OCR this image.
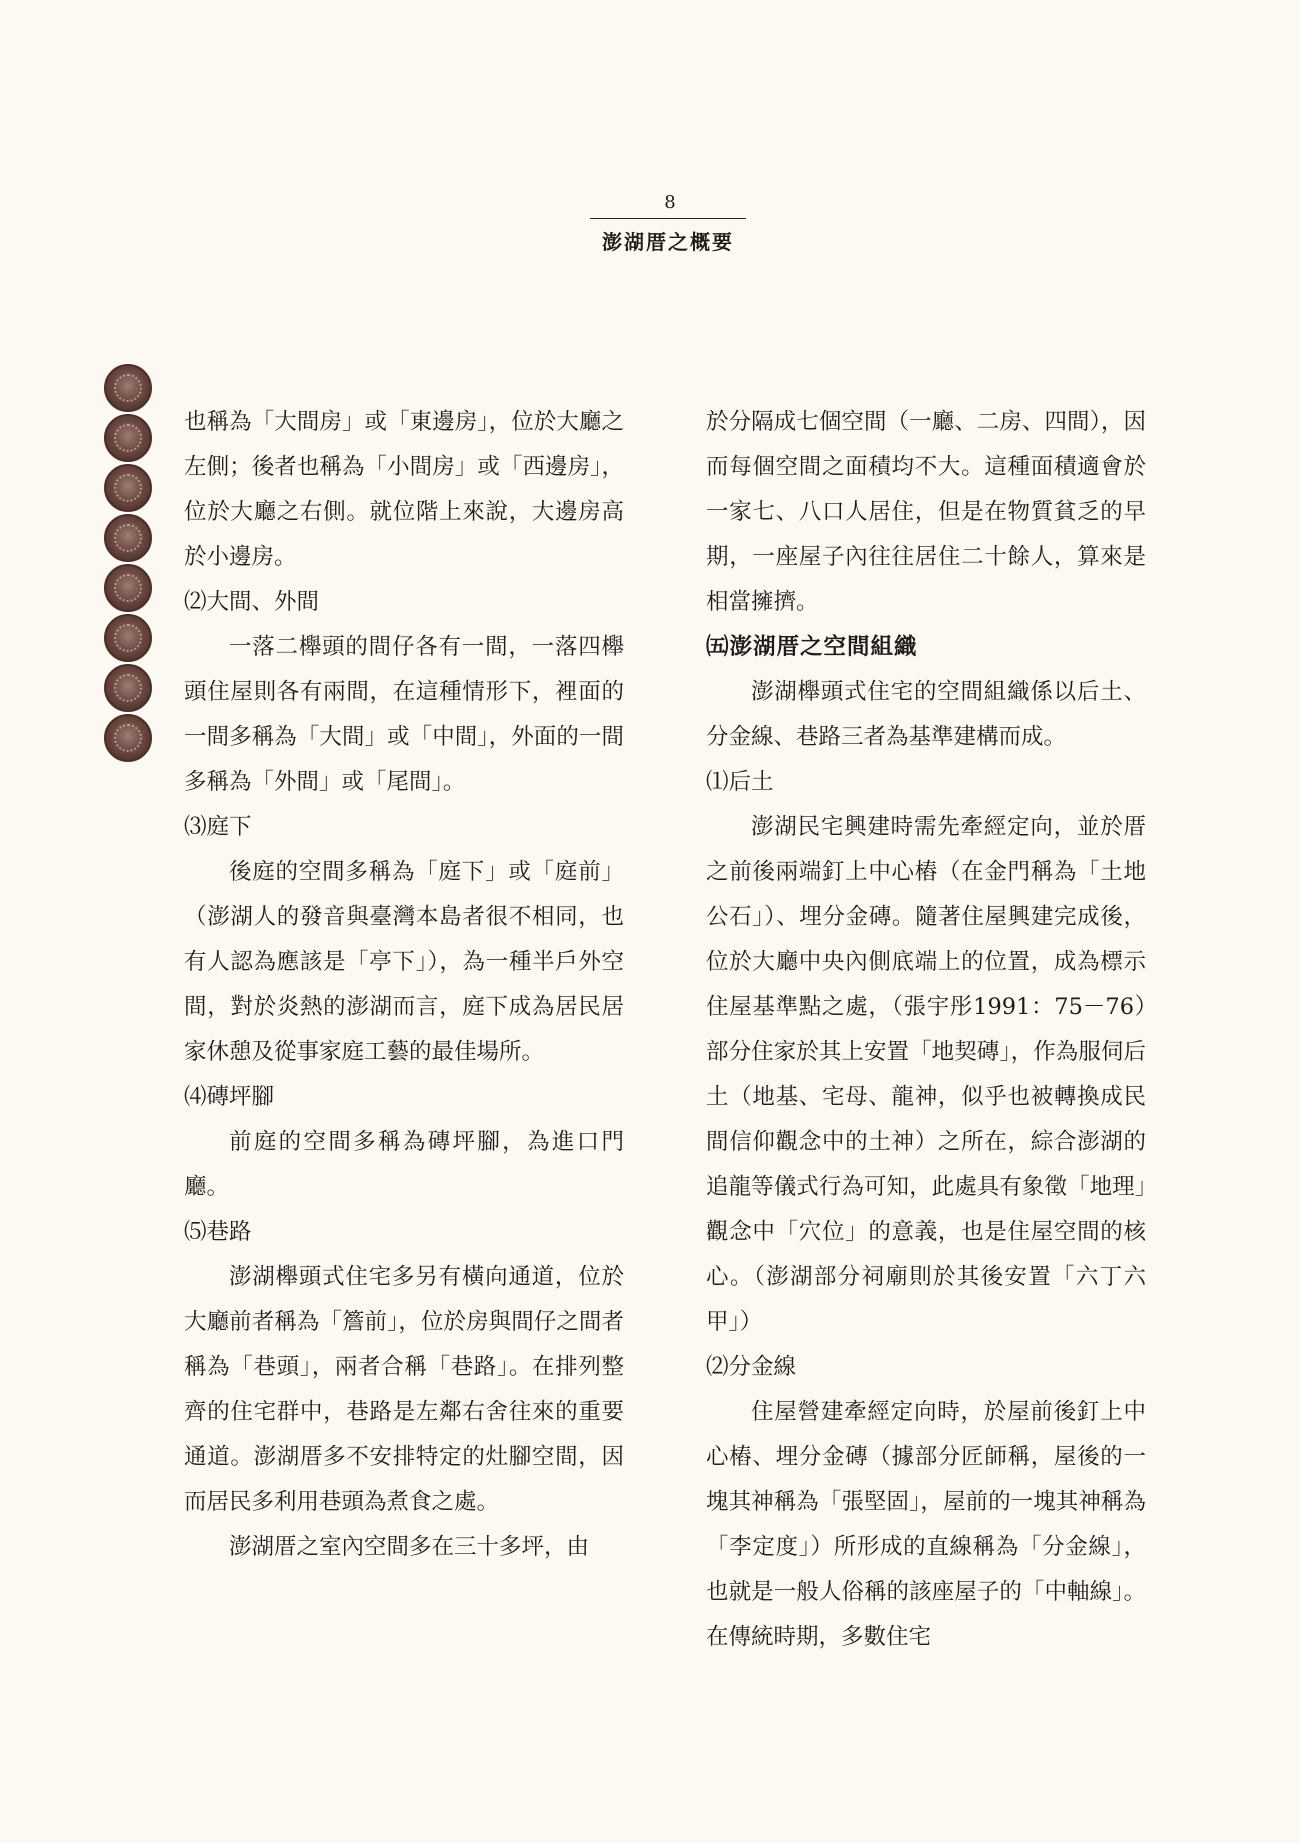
8
澎湖厝之概要

也稱為「大間房」或「東邊房」，位於大廳之左側；後者也稱為「小間房」或「西邊房」，位於大廳之右側。就位階上來說，大邊房高於小邊房。

⑵大間、外間

一落二櫸頭的間仔各有一間，一落四櫸頭住屋則各有兩間，在這種情形下，裡面的一間多稱為「大間」或「中間」，外面的一間多稱為「外間」或「尾間」。

⑶庭下

後庭的空間多稱為「庭下」或「庭前」（澎湖人的發音與臺灣本島者很不相同，也有人認為應該是「亭下」），為一種半戶外空間，對於炎熱的澎湖而言，庭下成為居民居家休憩及從事家庭工藝的最佳場所。

⑷磚坪腳

前庭的空間多稱為磚坪腳，為進口門廳。

⑸巷路

澎湖櫸頭式住宅多另有橫向通道，位於大廳前者稱為「簷前」，位於房與間仔之間者稱為「巷頭」，兩者合稱「巷路」。在排列整齊的住宅群中，巷路是左鄰右舍往來的重要通道。澎湖厝多不安排特定的灶腳空間，因而居民多利用巷頭為煮食之處。

澎湖厝之室內空間多在三十多坪，由

於分隔成七個空間（一廳、二房、四間），因而每個空間之面積均不大。這種面積適會於一家七、八口人居住，但是在物質貧乏的早期，一座屋子內往往居住二十餘人，算來是相當擁擠。

㈤澎湖厝之空間組織

澎湖櫸頭式住宅的空間組織係以后土、分金線、巷路三者為基準建構而成。

⑴后土

澎湖民宅興建時需先牽經定向，並於厝之前後兩端釘上中心樁（在金門稱為「土地公石」）、埋分金磚。隨著住屋興建完成後，位於大廳中央內側底端上的位置，成為標示住屋基準點之處，（張宇彤1991：75－76）部分住家於其上安置「地契磚」，作為服伺后土（地基、宅母、龍神，似乎也被轉換成民間信仰觀念中的土神）之所在，綜合澎湖的追龍等儀式行為可知，此處具有象徵「地理」觀念中「穴位」的意義，也是住屋空間的核心。（澎湖部分祠廟則於其後安置「六丁六甲」）

⑵分金線

住屋營建牽經定向時，於屋前後釘上中心樁、埋分金磚（據部分匠師稱，屋後的一塊其神稱為「張堅固」，屋前的一塊其神稱為「李定度」）所形成的直線稱為「分金線」，也就是一般人俗稱的該座屋子的「中軸線」。在傳統時期，多數住宅
